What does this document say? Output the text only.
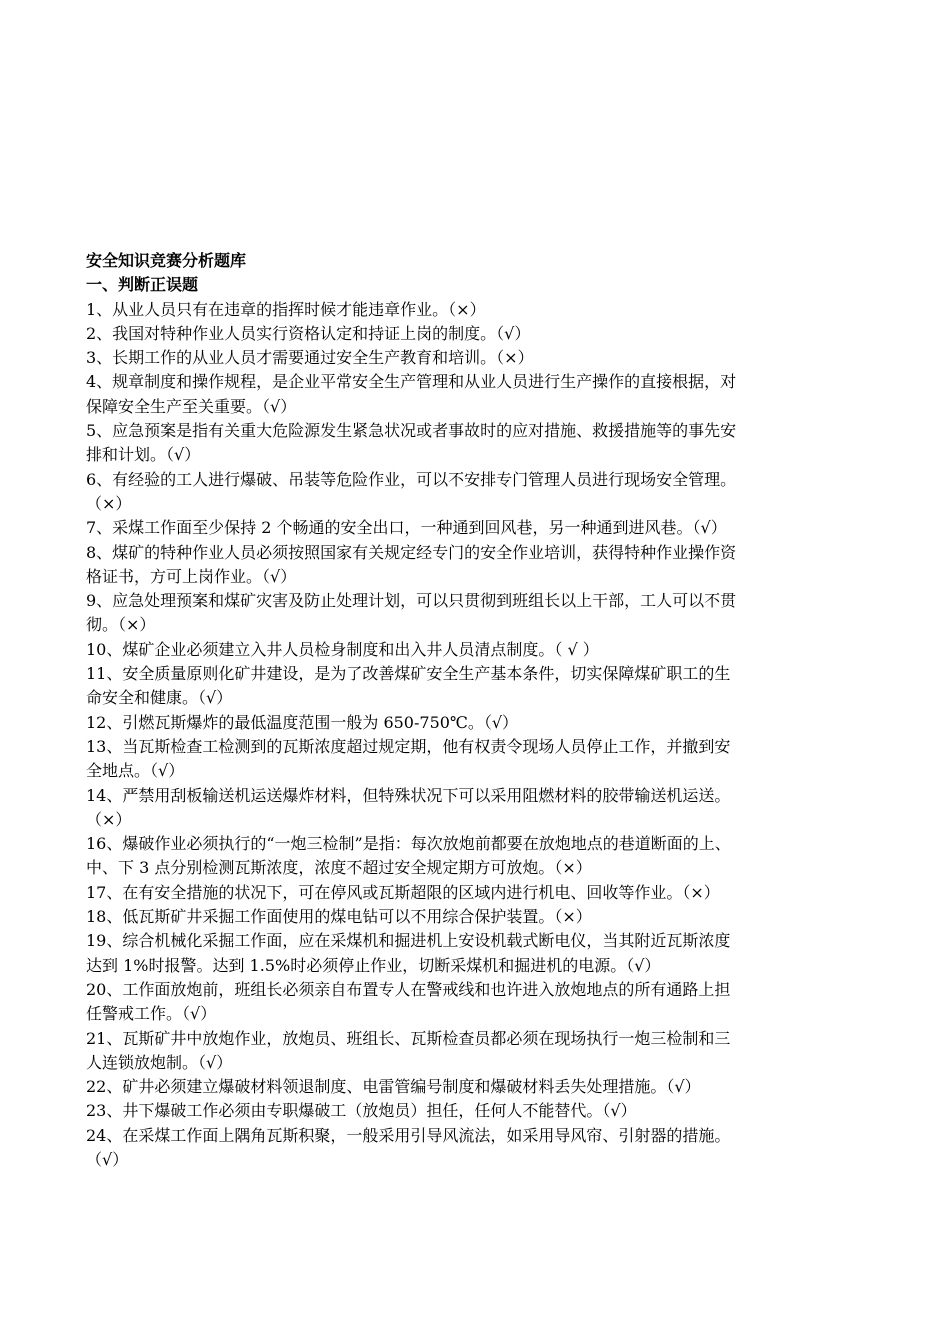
安全知识竞赛分析题库
一、判断正误题
1、从业人员只有在违章的指挥时候才能违章作业。（×）
2、我国对特种作业人员实行资格认定和持证上岗的制度。（√）
3、长期工作的从业人员才需要通过安全生产教育和培训。（×）
4、规章制度和操作规程，是企业平常安全生产管理和从业人员进行生产操作的直接根据，对
保障安全生产至关重要。（√）
5、应急预案是指有关重大危险源发生紧急状况或者事故时的应对措施、救援措施等的事先安
排和计划。（√）
6、有经验的工人进行爆破、吊装等危险作业，可以不安排专门管理人员进行现场安全管理。
（×）
7、采煤工作面至少保持 2 个畅通的安全出口，一种通到回风巷，另一种通到进风巷。（√）
8、煤矿的特种作业人员必须按照国家有关规定经专门的安全作业培训，获得特种作业操作资
格证书，方可上岗作业。（√）
9、应急处理预案和煤矿灾害及防止处理计划，可以只贯彻到班组长以上干部，工人可以不贯
彻。（×）
10、煤矿企业必须建立入井人员检身制度和出入井人员清点制度。（ √ ）
11、安全质量原则化矿井建设，是为了改善煤矿安全生产基本条件，切实保障煤矿职工的生
命安全和健康。（√）
12、引燃瓦斯爆炸的最低温度范围一般为 650-750℃。（√）
13、当瓦斯检查工检测到的瓦斯浓度超过规定期，他有权责令现场人员停止工作，并撤到安
全地点。（√）
14、严禁用刮板输送机运送爆炸材料，但特殊状况下可以采用阻燃材料的胶带输送机运送。
（×）
16、爆破作业必须执行的“一炮三检制”是指：每次放炮前都要在放炮地点的巷道断面的上、
中、下 3 点分别检测瓦斯浓度，浓度不超过安全规定期方可放炮。（×）
17、在有安全措施的状况下，可在停风或瓦斯超限的区域内进行机电、回收等作业。（×）
18、低瓦斯矿井采掘工作面使用的煤电钻可以不用综合保护装置。（×）
19、综合机械化采掘工作面，应在采煤机和掘进机上安设机载式断电仪，当其附近瓦斯浓度
达到 1%时报警。达到 1.5%时必须停止作业，切断采煤机和掘进机的电源。（√）
20、工作面放炮前，班组长必须亲自布置专人在警戒线和也许进入放炮地点的所有通路上担
任警戒工作。（√）
21、瓦斯矿井中放炮作业，放炮员、班组长、瓦斯检查员都必须在现场执行一炮三检制和三
人连锁放炮制。（√）
22、矿井必须建立爆破材料领退制度、电雷管编号制度和爆破材料丢失处理措施。（√）
23、井下爆破工作必须由专职爆破工（放炮员）担任，任何人不能替代。（√）
24、在采煤工作面上隅角瓦斯积聚，一般采用引导风流法，如采用导风帘、引射器的措施。
（√）
